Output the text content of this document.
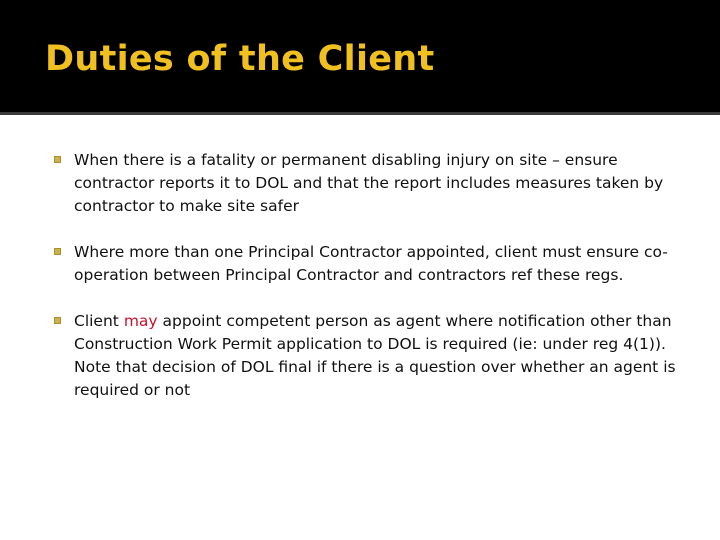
Duties of the Client
When there is a fatality or permanent disabling injury on site – ensure contractor reports it to DOL and that the report includes measures taken by contractor to make site safer
Where more than one Principal Contractor appointed, client must ensure co-operation between Principal Contractor and contractors ref these regs.
Client may appoint competent person as agent where notification other than Construction Work Permit application to DOL is required (ie: under reg 4(1)). Note that decision of DOL final if there is a question over whether an agent is required or not
